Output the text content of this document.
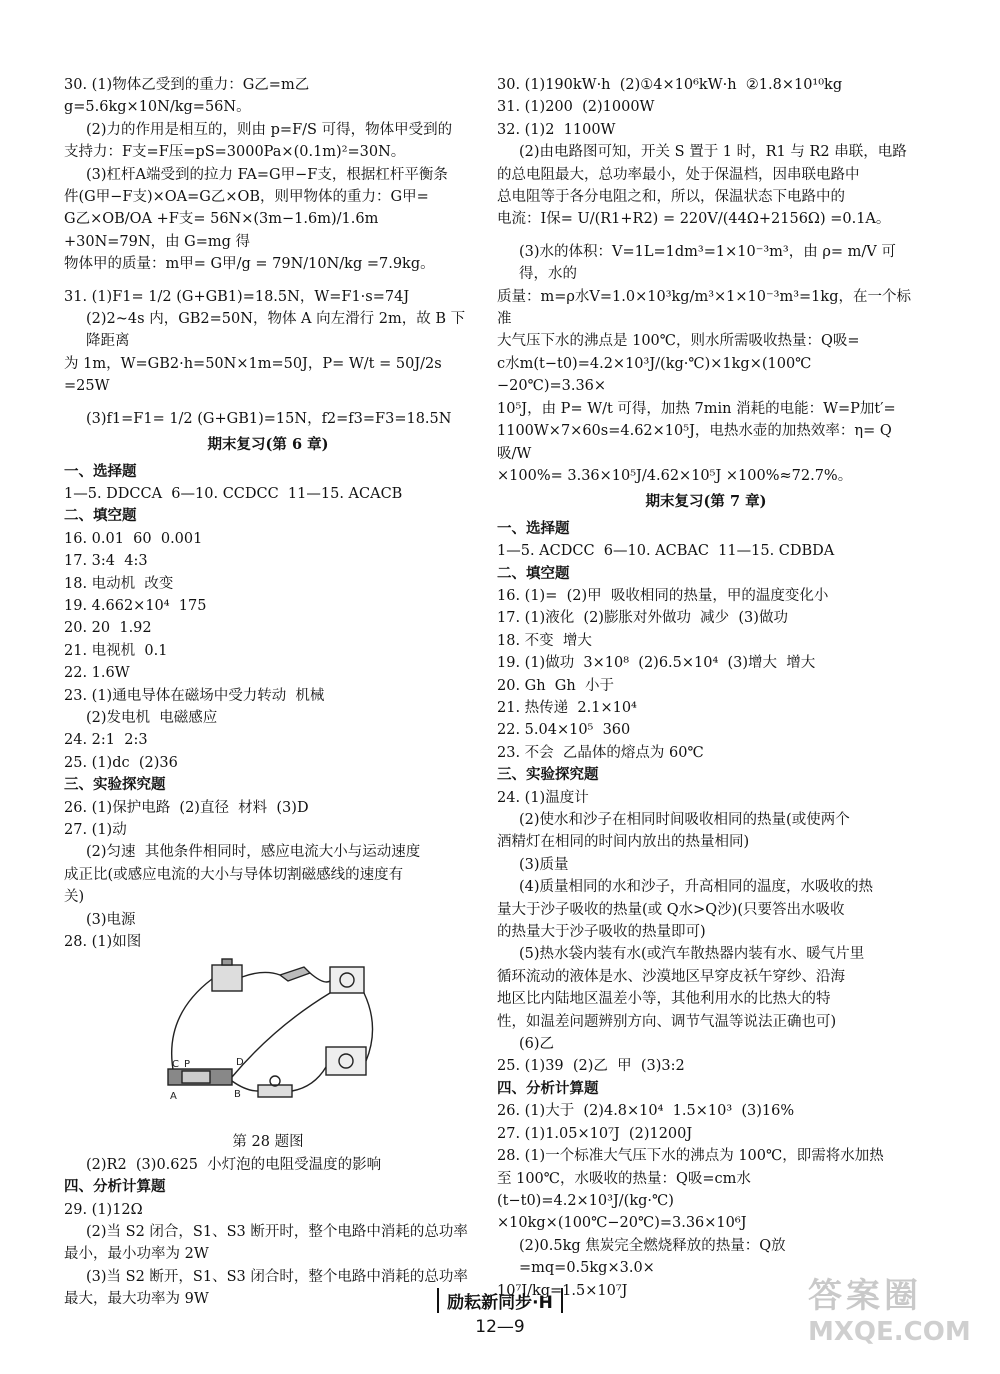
30. (1)物体乙受到的重力：G乙=m乙g=5.6kg×10N/kg=56N。
(2)力的作用是相互的，则由 p=F/S 可得，物体甲受到的
支持力：F支=F压=pS=3000Pa×(0.1m)²=30N。
(3)杠杆A端受到的拉力 FA=G甲−F支，根据杠杆平衡条
件(G甲−F支)×OA=G乙×OB，则甲物体的重力：G甲=
G乙×OB/OA +F支= 56N×(3m−1.6m)/1.6m +30N=79N，由 G=mg 得
物体甲的质量：m甲= G甲/g = 79N/10N/kg =7.9kg。
31. (1)F1= 1/2 (G+GB1)=18.5N，W=F1·s=74J
(2)2~4s 内，GB2=50N，物体 A 向左滑行 2m，故 B 下降距离
为 1m，W=GB2·h=50N×1m=50J，P= W/t = 50J/2s =25W
(3)f1=F1= 1/2 (G+GB1)=15N，f2=f3=F3=18.5N
期末复习(第 6 章)
一、选择题
1—5. DDCCA  6—10. CCDCC  11—15. ACACB
二、填空题
16. 0.01  60  0.001
17. 3:4  4:3
18. 电动机  改变
19. 4.662×10⁴  175
20. 20  1.92
21. 电视机  0.1
22. 1.6W
23. (1)通电导体在磁场中受力转动  机械
(2)发电机  电磁感应
24. 2:1  2:3
25. (1)dc  (2)36
三、实验探究题
26. (1)保护电路  (2)直径  材料  (3)D
27. (1)动
(2)匀速  其他条件相同时，感应电流大小与运动速度
成正比(或感应电流的大小与导体切割磁感线的速度有
关)
(3)电源
28. (1)如图
C P	D
A	B
第 28 题图
(2)R2  (3)0.625  小灯泡的电阻受温度的影响
四、分析计算题
29. (1)12Ω
(2)当 S2 闭合，S1、S3 断开时，整个电路中消耗的总功率
最小，最小功率为 2W
(3)当 S2 断开，S1、S3 闭合时，整个电路中消耗的总功率
最大，最大功率为 9W
30. (1)190kW·h  (2)①4×10⁶kW·h  ②1.8×10¹⁰kg
31. (1)200  (2)1000W
32. (1)2  1100W
(2)由电路图可知，开关 S 置于 1 时，R1 与 R2 串联，电路
的总电阻最大，总功率最小，处于保温档，因串联电路中
总电阻等于各分电阻之和，所以，保温状态下电路中的
电流：I保= U/(R1+R2) = 220V/(44Ω+2156Ω) =0.1A。
(3)水的体积：V=1L=1dm³=1×10⁻³m³，由 ρ= m/V 可得，水的
质量：m=ρ水V=1.0×10³kg/m³×1×10⁻³m³=1kg，在一个标准
大气压下水的沸点是 100℃，则水所需吸收热量：Q吸=
c水m(t−t0)=4.2×10³J/(kg·℃)×1kg×(100℃−20℃)=3.36×
10⁵J，由 P= W/t 可得，加热 7min 消耗的电能：W=P加t′=
1100W×7×60s=4.62×10⁵J，电热水壶的加热效率：η= Q吸/W
×100%= 3.36×10⁵J/4.62×10⁵J ×100%≈72.7%。
期末复习(第 7 章)
一、选择题
1—5. ACDCC  6—10. ACBAC  11—15. CDBDA
二、填空题
16. (1)=  (2)甲  吸收相同的热量，甲的温度变化小
17. (1)液化  (2)膨胀对外做功  减少  (3)做功
18. 不变  增大
19. (1)做功  3×10⁸  (2)6.5×10⁴  (3)增大  增大
20. Gh  Gh  小于
21. 热传递  2.1×10⁴
22. 5.04×10⁵  360
23. 不会  乙晶体的熔点为 60℃
三、实验探究题
24. (1)温度计
(2)使水和沙子在相同时间吸收相同的热量(或使两个
酒精灯在相同的时间内放出的热量相同)
(3)质量
(4)质量相同的水和沙子，升高相同的温度，水吸收的热
量大于沙子吸收的热量(或 Q水>Q沙)(只要答出水吸收
的热量大于沙子吸收的热量即可)
(5)热水袋内装有水(或汽车散热器内装有水、暖气片里
循环流动的液体是水、沙漠地区早穿皮袄午穿纱、沿海
地区比内陆地区温差小等，其他利用水的比热大的特
性，如温差问题辨别方向、调节气温等说法正确也可)
(6)乙
25. (1)39  (2)乙  甲  (3)3:2
四、分析计算题
26. (1)大于  (2)4.8×10⁴  1.5×10³  (3)16%
27. (1)1.05×10⁷J  (2)1200J
28. (1)一个标准大气压下水的沸点为 100℃，即需将水加热
至 100℃，水吸收的热量：Q吸=cm水(t−t0)=4.2×10³J/(kg·℃)
×10kg×(100℃−20℃)=3.36×10⁶J
(2)0.5kg 焦炭完全燃烧释放的热量：Q放=mq=0.5kg×3.0×
10⁷J/kg=1.5×10⁷J
励耘新同步·H
12—9
答案圈
MXQE.COM
